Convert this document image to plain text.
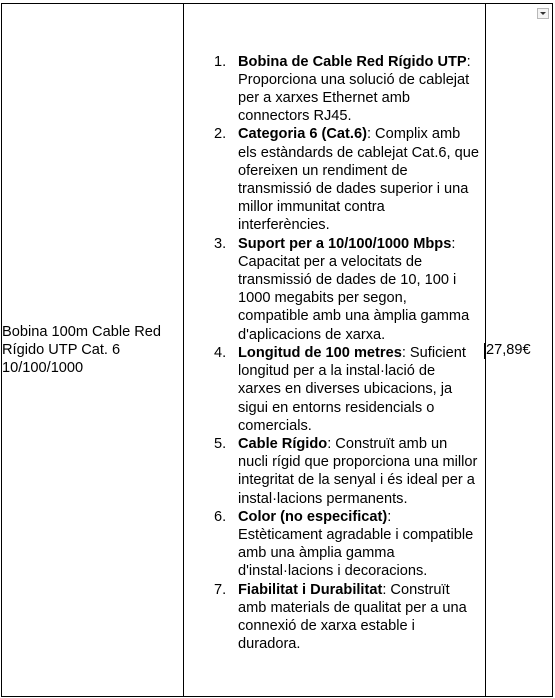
Bobina 100m Cable Red Rígido UTP Cat. 6 10/100/1000

Bobina de Cable Red Rígido UTP: Proporciona una solució de cablejat per a xarxes Ethernet amb connectors RJ45.
Categoria 6 (Cat.6): Complix amb els estàndards de cablejat Cat.6, que ofereixen un rendiment de transmissió de dades superior i una millor immunitat contra interferències.
Suport per a 10/100/1000 Mbps: Capacitat per a velocitats de transmissió de dades de 10, 100 i 1000 megabits per segon, compatible amb una àmplia gamma d'aplicacions de xarxa.
Longitud de 100 metres: Suficient longitud per a la instal·lació de xarxes en diverses ubicacions, ja sigui en entorns residencials o comercials.
Cable Rígido: Construït amb un nucli rígid que proporciona una millor integritat de la senyal i és ideal per a instal·lacions permanents.
Color (no especificat): Estèticament agradable i compatible amb una àmplia gamma d'instal·lacions i decoracions.
Fiabilitat i Durabilitat: Construït amb materials de qualitat per a una connexió de xarxa estable i duradora.

27,89€
